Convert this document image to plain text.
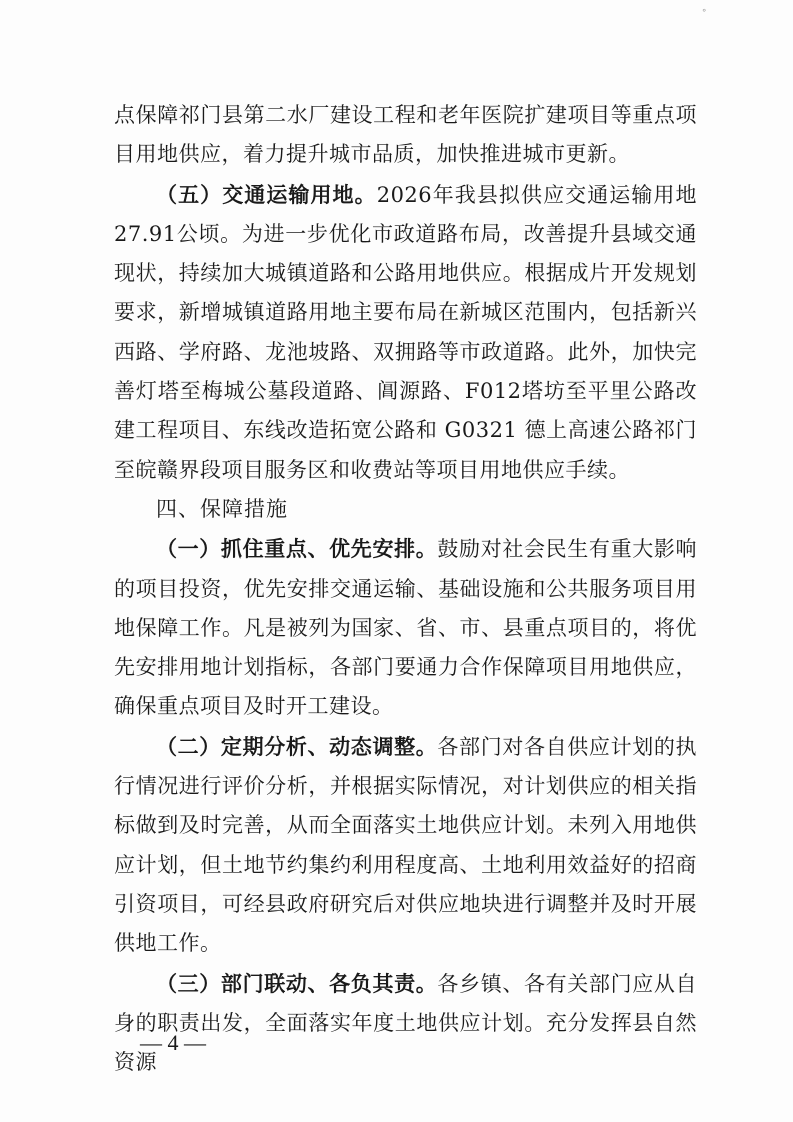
∘

点保障祁门县第二水厂建设工程和老年医院扩建项目等重点项目用地供应，着力提升城市品质，加快推进城市更新。

（五）交通运输用地。2026年我县拟供应交通运输用地 27.91公顷。为进一步优化市政道路布局，改善提升县域交通现状，持续加大城镇道路和公路用地供应。根据成片开发规划要求，新增城镇道路用地主要布局在新城区范围内，包括新兴西路、学府路、龙池坡路、双拥路等市政道路。此外，加快完善灯塔至梅城公墓段道路、阊源路、F012塔坊至平里公路改建工程项目、东线改造拓宽公路和 G0321 德上高速公路祁门至皖赣界段项目服务区和收费站等项目用地供应手续。

四、保障措施

（一）抓住重点、优先安排。鼓励对社会民生有重大影响的项目投资，优先安排交通运输、基础设施和公共服务项目用地保障工作。凡是被列为国家、省、市、县重点项目的，将优先安排用地计划指标，各部门要通力合作保障项目用地供应，确保重点项目及时开工建设。

（二）定期分析、动态调整。各部门对各自供应计划的执行情况进行评价分析，并根据实际情况，对计划供应的相关指标做到及时完善，从而全面落实土地供应计划。未列入用地供应计划，但土地节约集约利用程度高、土地利用效益好的招商引资项目，可经县政府研究后对供应地块进行调整并及时开展供地工作。

（三）部门联动、各负其责。各乡镇、各有关部门应从自身的职责出发，全面落实年度土地供应计划。充分发挥县自然资源

— 4 —
